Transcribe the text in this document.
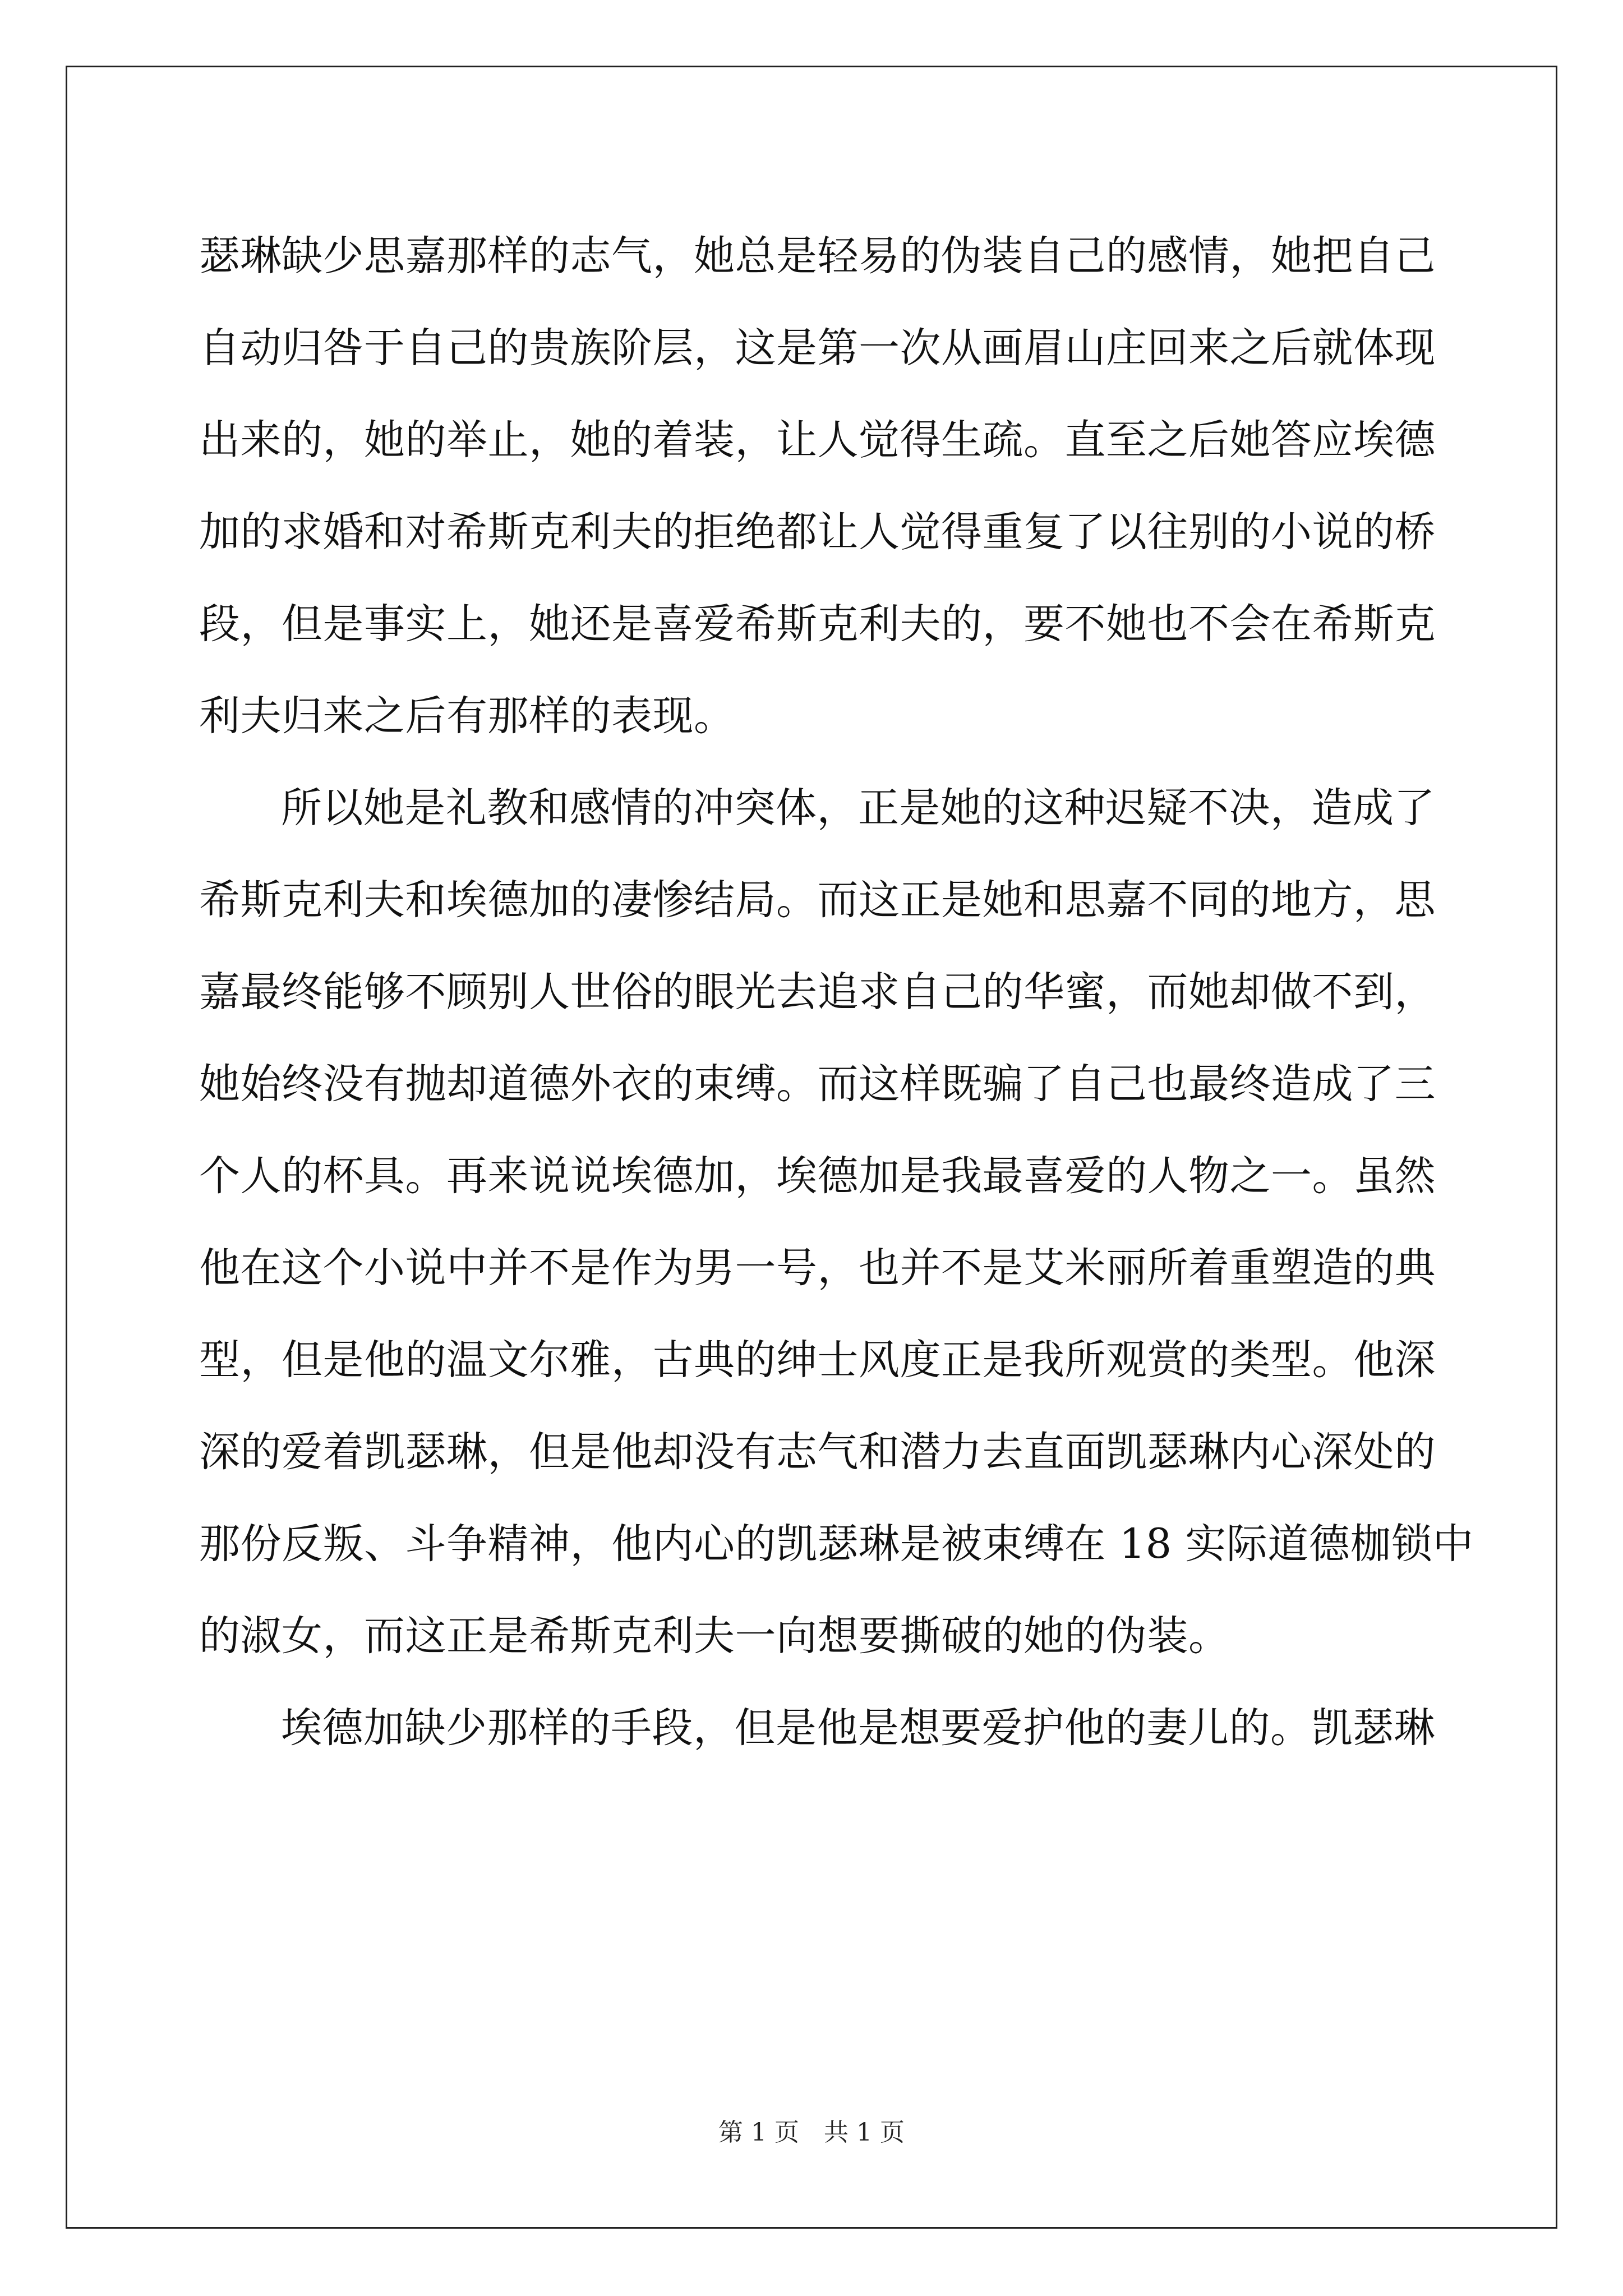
瑟琳缺少思嘉那样的志气，她总是轻易的伪装自己的感情，她把自己
自动归咎于自己的贵族阶层，这是第一次从画眉山庄回来之后就体现
出来的，她的举止，她的着装，让人觉得生疏。直至之后她答应埃德
加的求婚和对希斯克利夫的拒绝都让人觉得重复了以往别的小说的桥
段，但是事实上，她还是喜爱希斯克利夫的，要不她也不会在希斯克
利夫归来之后有那样的表现。
所以她是礼教和感情的冲突体，正是她的这种迟疑不决，造成了
希斯克利夫和埃德加的凄惨结局。而这正是她和思嘉不同的地方，思
嘉最终能够不顾别人世俗的眼光去追求自己的华蜜，而她却做不到，
她始终没有抛却道德外衣的束缚。而这样既骗了自己也最终造成了三
个人的杯具。再来说说埃德加，埃德加是我最喜爱的人物之一。虽然
他在这个小说中并不是作为男一号，也并不是艾米丽所着重塑造的典
型，但是他的温文尔雅，古典的绅士风度正是我所观赏的类型。他深
深的爱着凯瑟琳，但是他却没有志气和潜力去直面凯瑟琳内心深处的
那份反叛、斗争精神，他内心的凯瑟琳是被束缚在 18 实际道德枷锁中
的淑女，而这正是希斯克利夫一向想要撕破的她的伪装。
埃德加缺少那样的手段，但是他是想要爱护他的妻儿的。凯瑟琳
第 1 页 共 1 页
